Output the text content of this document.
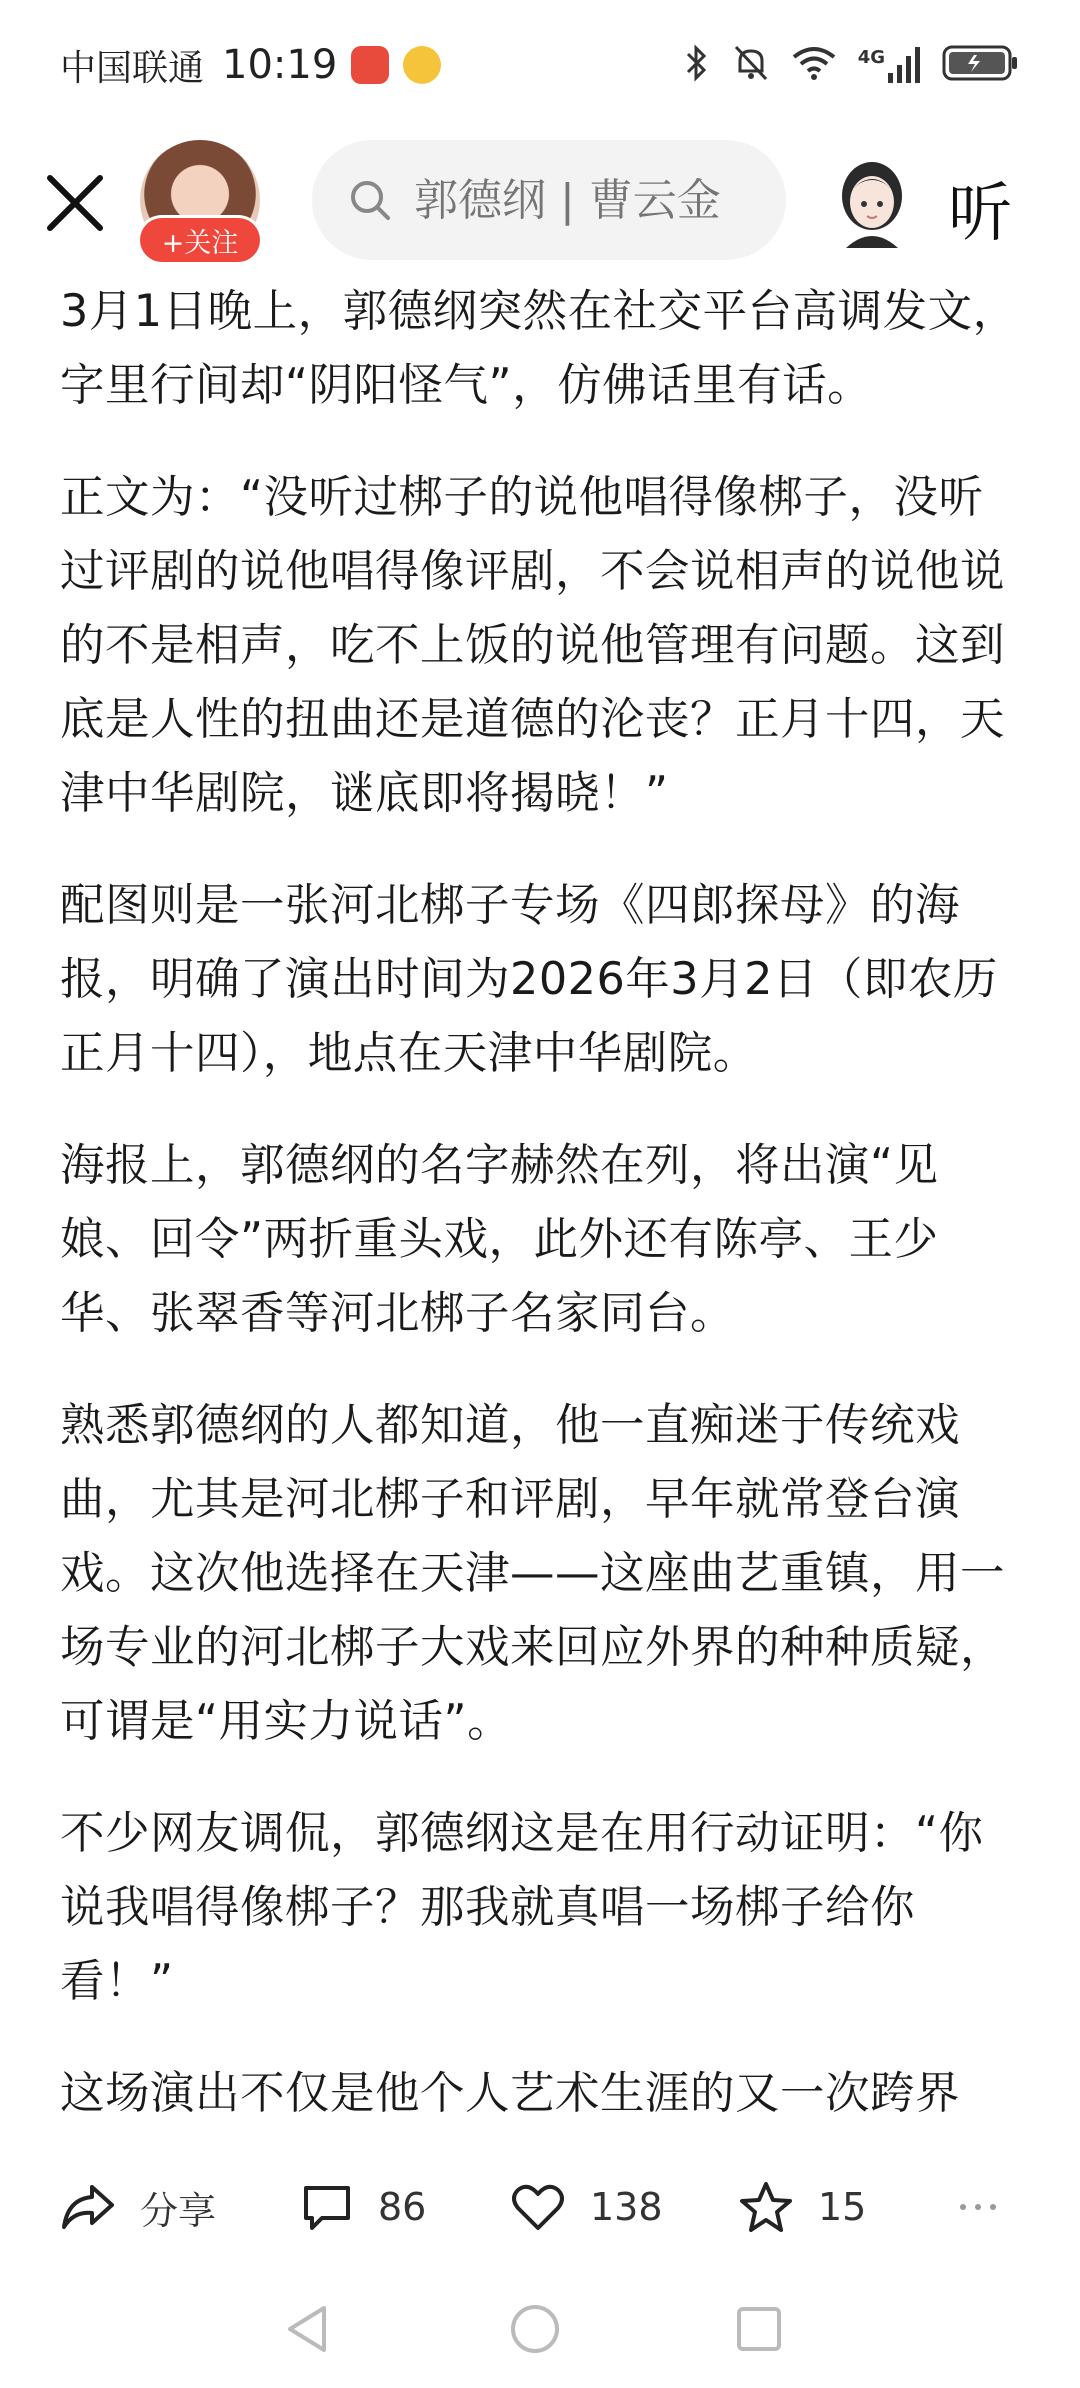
中国联通 10:19	4G
+关注
郭德纲 | 曹云金	听

3月1日晚上，郭德纲突然在社交平台高调发文，字里行间却“阴阳怪气”，仿佛话里有话。

正文为：“没听过梆子的说他唱得像梆子，没听过评剧的说他唱得像评剧，不会说相声的说他说的不是相声，吃不上饭的说他管理有问题。这到底是人性的扭曲还是道德的沦丧？正月十四，天津中华剧院，谜底即将揭晓！”

配图则是一张河北梆子专场《四郎探母》的海报，明确了演出时间为2026年3月2日（即农历正月十四），地点在天津中华剧院。

海报上，郭德纲的名字赫然在列，将出演“见娘、回令”两折重头戏，此外还有陈亭、王少华、张翠香等河北梆子名家同台。

熟悉郭德纲的人都知道，他一直痴迷于传统戏曲，尤其是河北梆子和评剧，早年就常登台演戏。这次他选择在天津——这座曲艺重镇，用一场专业的河北梆子大戏来回应外界的种种质疑，可谓是“用实力说话”。

不少网友调侃，郭德纲这是在用行动证明：“你说我唱得像梆子？那我就真唱一场梆子给你看！”

这场演出不仅是他个人艺术生涯的又一次跨界

分享	86	138	15
